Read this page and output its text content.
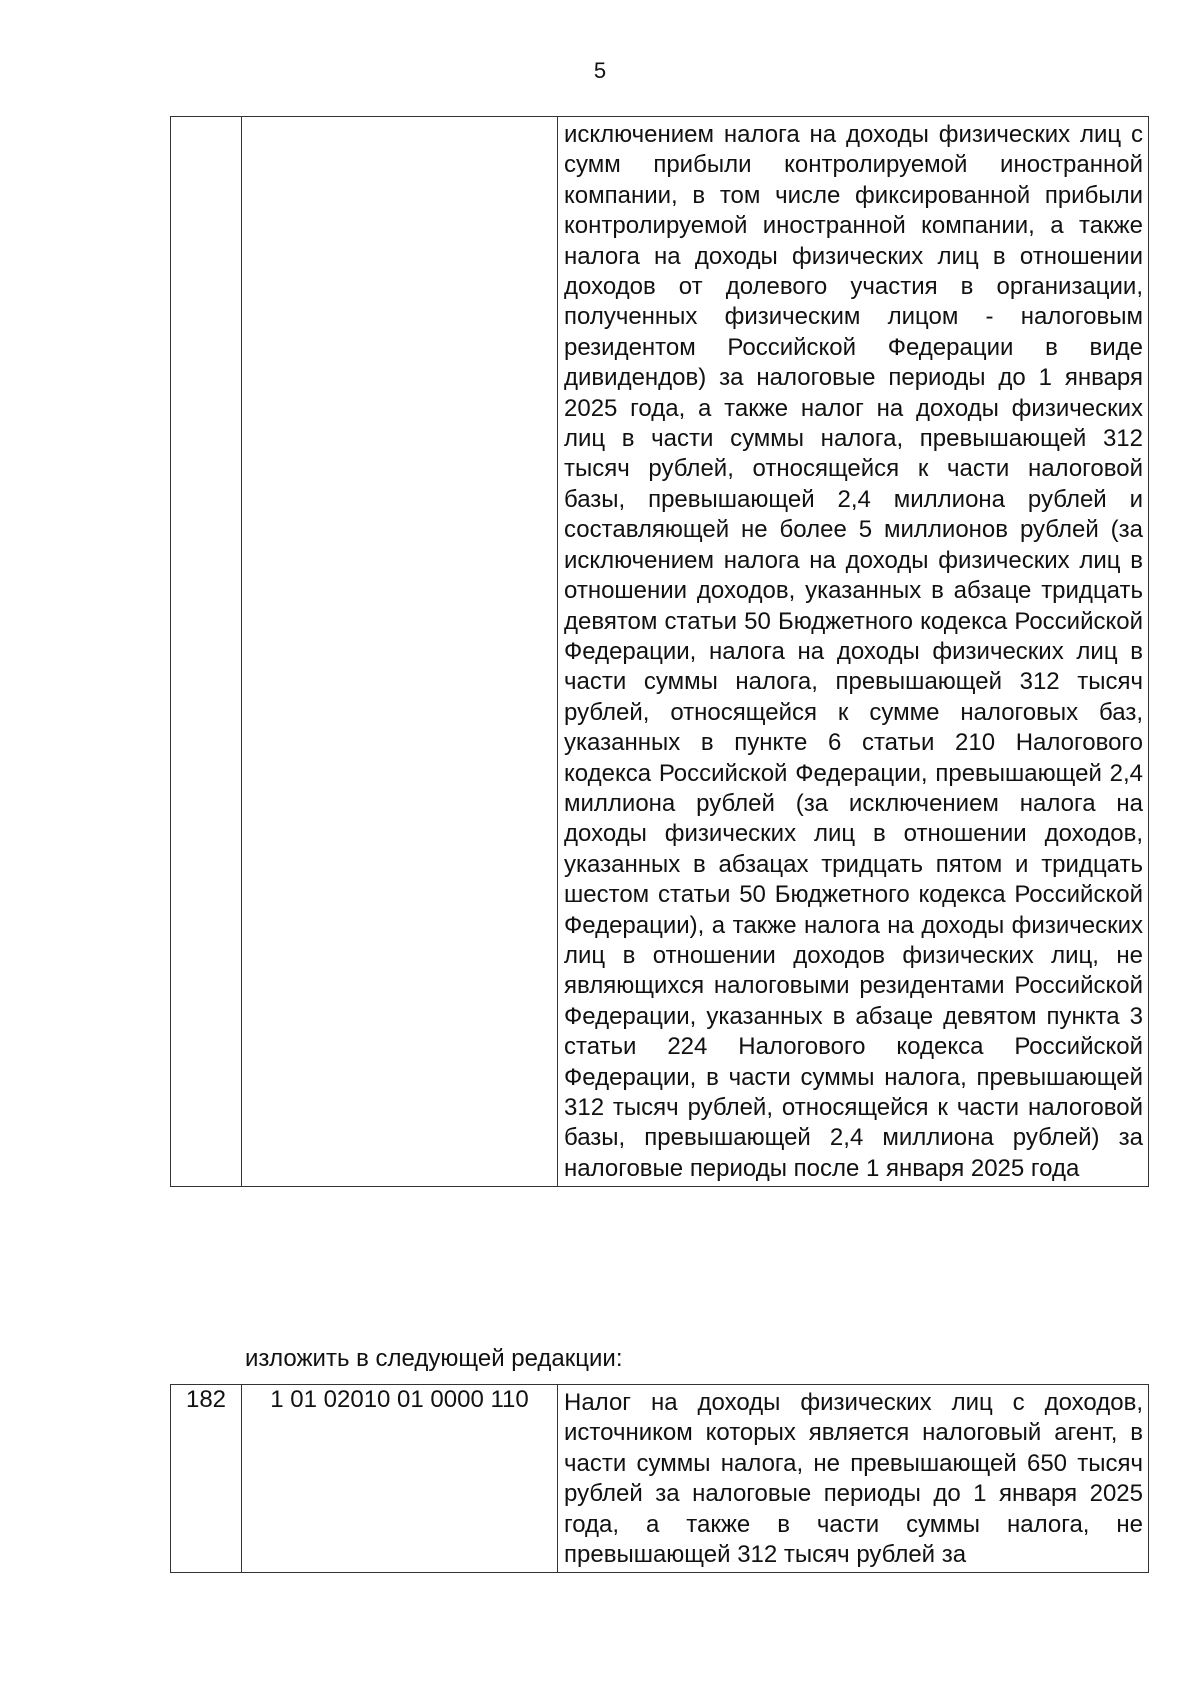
5

исключением налога на доходы физических лиц с сумм прибыли контролируемой иностранной компании, в том числе фиксированной прибыли контролируемой иностранной компании, а также налога на доходы физических лиц в отношении доходов от долевого участия в организации, полученных физическим лицом - налоговым резидентом Российской Федерации в виде дивидендов) за налоговые периоды до 1 января 2025 года, а также налог на доходы физических лиц в части суммы налога, превышающей 312 тысяч рублей, относящейся к части налоговой базы, превышающей 2,4 миллиона рублей и составляющей не более 5 миллионов рублей (за исключением налога на доходы физических лиц в отношении доходов, указанных в абзаце тридцать девятом статьи 50 Бюджетного кодекса Российской Федерации, налога на доходы физических лиц в части суммы налога, превышающей 312 тысяч рублей, относящейся к сумме налоговых баз, указанных в пункте 6 статьи 210 Налогового кодекса Российской Федерации, превышающей 2,4 миллиона рублей (за исключением налога на доходы физических лиц в отношении доходов, указанных в абзацах тридцать пятом и тридцать шестом статьи 50 Бюджетного кодекса Российской Федерации), а также налога на доходы физических лиц в отношении доходов физических лиц, не являющихся налоговыми резидентами Российской Федерации, указанных в абзаце девятом пункта 3 статьи 224 Налогового кодекса Российской Федерации, в части суммы налога, превышающей 312 тысяч рублей, относящейся к части налоговой базы, превышающей 2,4 миллиона рублей) за налоговые периоды после 1 января 2025 года
изложить в следующей редакции:
182	1 01 02010 01 0000 110	Налог на доходы физических лиц с доходов, источником которых является налоговый агент, в части суммы налога, не превышающей 650 тысяч рублей за налоговые периоды до 1 января 2025 года, а также в части суммы налога, не превышающей 312 тысяч рублей за
